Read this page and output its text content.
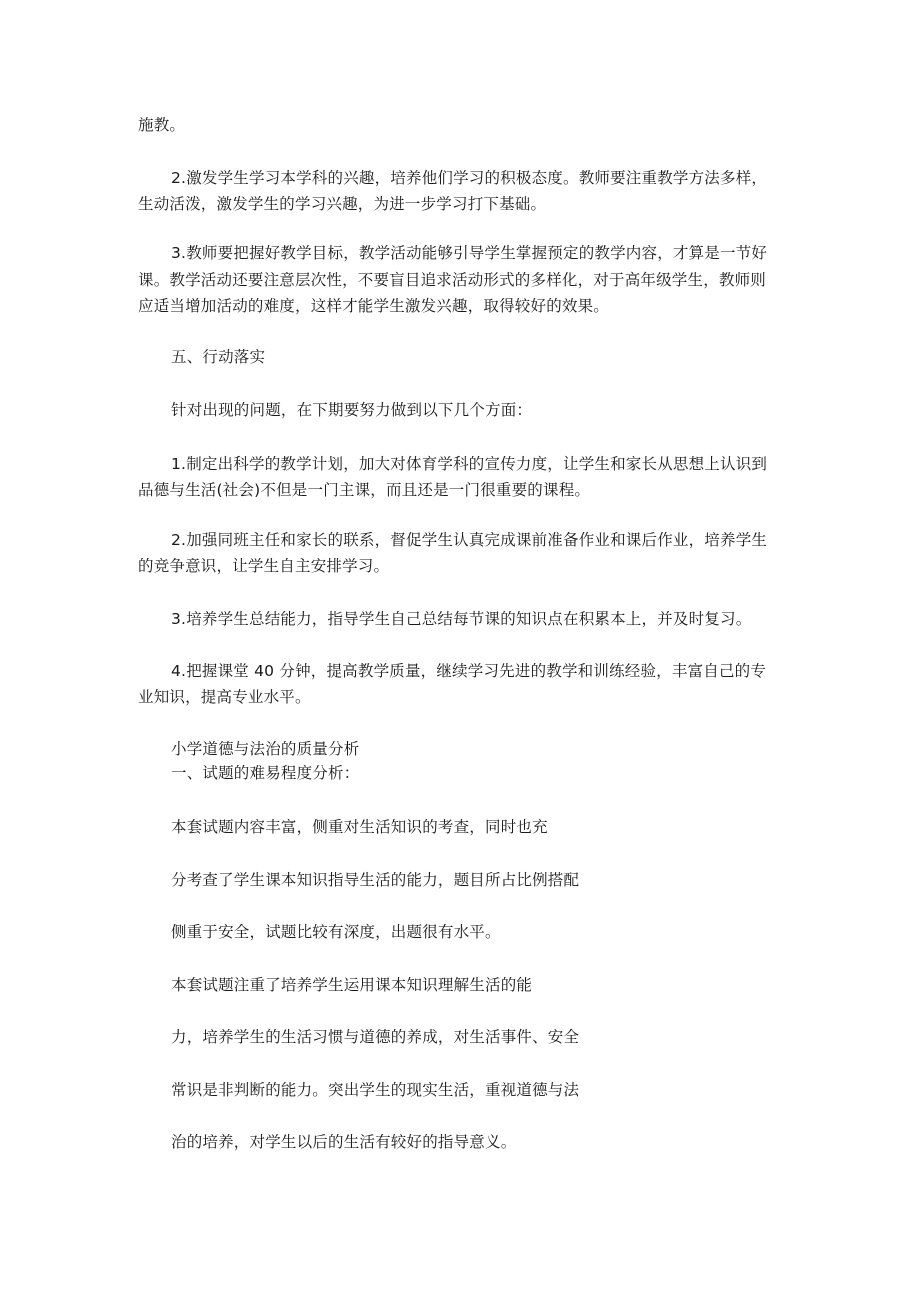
施教。
2.激发学生学习本学科的兴趣，培养他们学习的积极态度。教师要注重教学方法多样，
生动活泼，激发学生的学习兴趣，为进一步学习打下基础。
3.教师要把握好教学目标，教学活动能够引导学生掌握预定的教学内容，才算是一节好
课。教学活动还要注意层次性，不要盲目追求活动形式的多样化，对于高年级学生，教师则
应适当增加活动的难度，这样才能学生激发兴趣，取得较好的效果。
五、行动落实
针对出现的问题，在下期要努力做到以下几个方面：
1.制定出科学的教学计划，加大对体育学科的宣传力度，让学生和家长从思想上认识到
品德与生活(社会)不但是一门主课，而且还是一门很重要的课程。
2.加强同班主任和家长的联系，督促学生认真完成课前准备作业和课后作业，培养学生
的竞争意识，让学生自主安排学习。
3.培养学生总结能力，指导学生自己总结每节课的知识点在积累本上，并及时复习。
4.把握课堂 40 分钟，提高教学质量，继续学习先进的教学和训练经验，丰富自己的专
业知识，提高专业水平。
小学道德与法治的质量分析
一、试题的难易程度分析：
本套试题内容丰富，侧重对生活知识的考查，同时也充
分考查了学生课本知识指导生活的能力，题目所占比例搭配
侧重于安全，试题比较有深度，出题很有水平。
本套试题注重了培养学生运用课本知识理解生活的能
力，培养学生的生活习惯与道德的养成，对生活事件、安全
常识是非判断的能力。突出学生的现实生活，重视道德与法
治的培养，对学生以后的生活有较好的指导意义。
